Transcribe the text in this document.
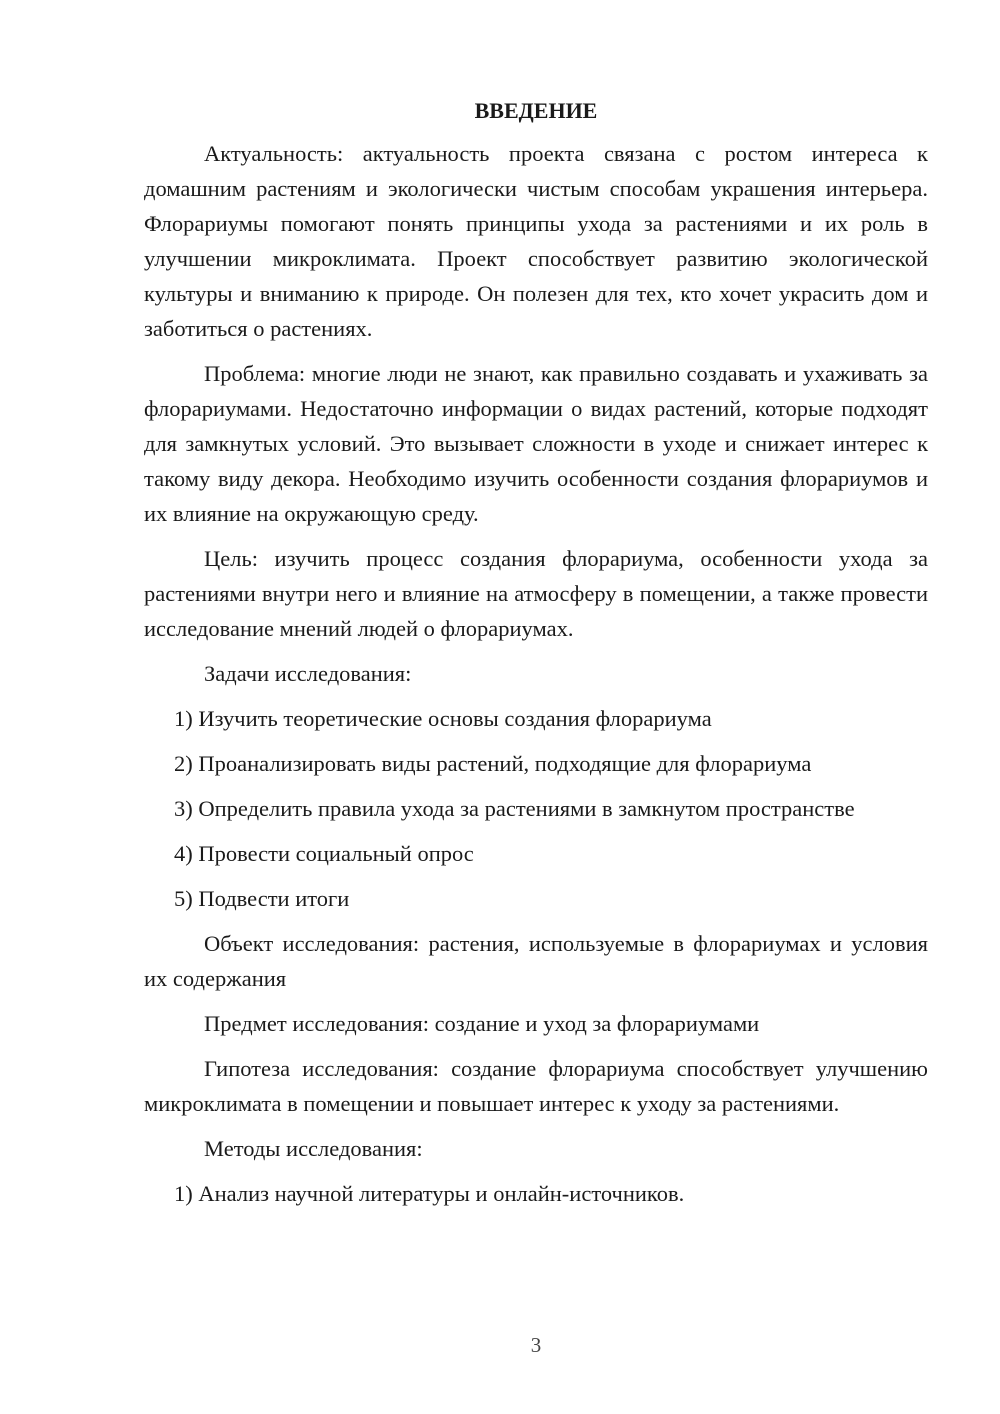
ВВЕДЕНИЕ

Актуальность: актуальность проекта связана с ростом интереса к домашним растениям и экологически чистым способам украшения интерьера. Флорариумы помогают понять принципы ухода за растениями и их роль в улучшении микроклимата. Проект способствует развитию экологической культуры и вниманию к природе. Он полезен для тех, кто хочет украсить дом и заботиться о растениях.

Проблема: многие люди не знают, как правильно создавать и ухаживать за флорариумами. Недостаточно информации о видах растений, которые подходят для замкнутых условий. Это вызывает сложности в уходе и снижает интерес к такому виду декора. Необходимо изучить особенности создания флорариумов и их влияние на окружающую среду.

Цель: изучить процесс создания флорариума, особенности ухода за растениями внутри него и влияние на атмосферу в помещении, а также провести исследование мнений людей о флорариумах.

Задачи исследования:

1) Изучить теоретические основы создания флорариума

2) Проанализировать виды растений, подходящие для флорариума

3) Определить правила ухода за растениями в замкнутом пространстве

4) Провести социальный опрос

5) Подвести итоги

Объект исследования: растения, используемые в флорариумах и условия их содержания

Предмет исследования: создание и уход за флорариумами

Гипотеза исследования: создание флорариума способствует улучшению микроклимата в помещении и повышает интерес к уходу за растениями.

Методы исследования:

1) Анализ научной литературы и онлайн-источников.

3
